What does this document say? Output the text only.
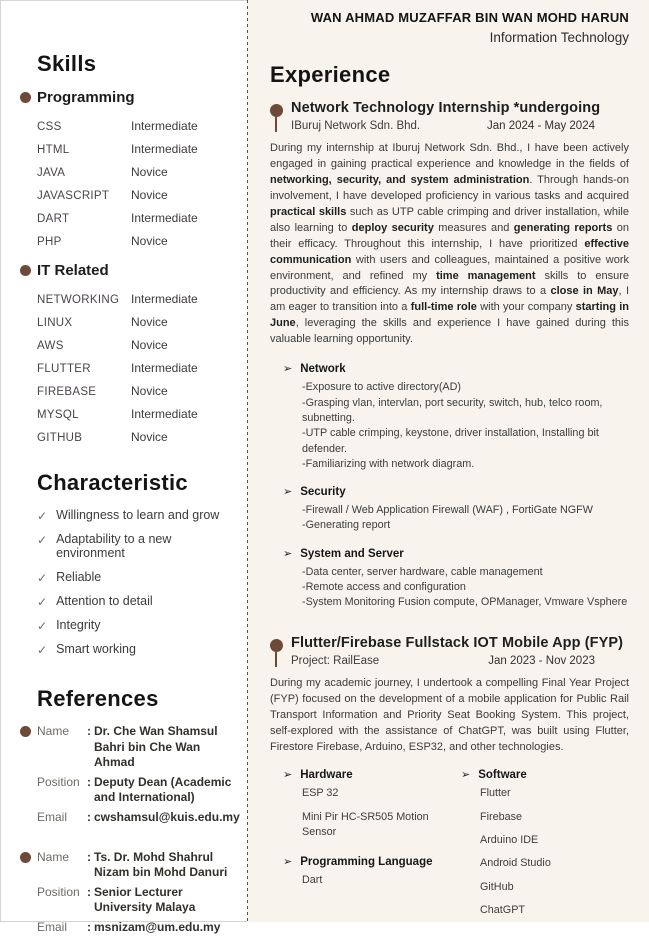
Skills
Programming
CSS	Intermediate
HTML	Intermediate
JAVA	Novice
JAVASCRIPT	Novice
DART	Intermediate
PHP	Novice
IT Related
NETWORKING Intermediate
LINUX	Novice
AWS	Novice
FLUTTER	Intermediate
FIREBASE	Novice
MYSQL	Intermediate
GITHUB	Novice
Characteristic
✓ Willingness to learn and grow
✓ Adaptability to a new environment
✓ Reliable
✓ Attention to detail
✓ Integrity
✓ Smart working
References
Name	: Dr. Che Wan Shamsul Bahri bin Che Wan Ahmad
Position : Deputy Dean (Academic and International)
Email	: cwshamsul@kuis.edu.my
Name	: Ts. Dr. Mohd Shahrul Nizam bin Mohd Danuri
Position : Senior Lecturer University Malaya
Email	: msnizam@um.edu.my
WAN AHMAD MUZAFFAR BIN WAN MOHD HARUN
Information Technology
Experience
Network Technology Internship *undergoing
IBuruj Network Sdn. Bhd.	Jan 2024 - May 2024

During my internship at Iburuj Network Sdn. Bhd., I have been actively engaged in gaining practical experience and knowledge in the fields of networking, security, and system administration. Through hands-on involvement, I have developed proficiency in various tasks and acquired practical skills such as UTP cable crimping and driver installation, while also learning to deploy security measures and generating reports on their efficacy. Throughout this internship, I have prioritized effective communication with users and colleagues, maintained a positive work environment, and refined my time management skills to ensure productivity and efficiency. As my internship draws to a close in May, I am eager to transition into a full-time role with your company starting in June, leveraging the skills and experience I have gained during this valuable learning opportunity.

➢ Network
-Exposure to active directory(AD)
-Grasping vlan, intervlan, port security, switch, hub, telco room, subnetting.
-UTP cable crimping, keystone, driver installation, Installing bit defender.
-Familiarizing with network diagram.
➢ Security
-Firewall / Web Application Firewall (WAF) , FortiGate NGFW
-Generating report
➢ System and Server
-Data center, server hardware, cable management
-Remote access and configuration
-System Monitoring Fusion compute, OPManager, Vmware Vsphere
Flutter/Firebase Fullstack IOT Mobile App (FYP)
Project: RailEase	Jan 2023 - Nov 2023

During my academic journey, I undertook a compelling Final Year Project (FYP) focused on the development of a mobile application for Public Rail Transport Information and Priority Seat Booking System. This project, self-explored with the assistance of ChatGPT, was built using Flutter, Firestore Firebase, Arduino, ESP32, and other technologies.

➢ Hardware
ESP 32
Mini Pir HC-SR505 Motion Sensor
➢ Programming Language
Dart
➢ Software
Flutter
Firebase
Arduino IDE
Android Studio
GitHub
ChatGPT
